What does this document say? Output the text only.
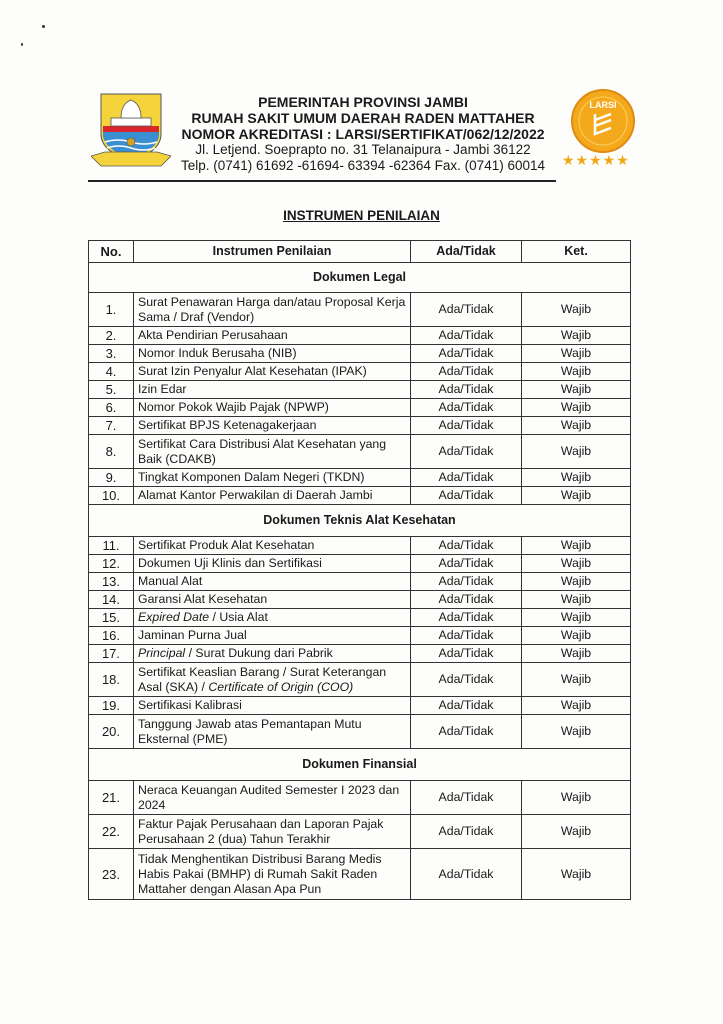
PEMERINTAH PROVINSI JAMBI
RUMAH SAKIT UMUM DAERAH RADEN MATTAHER
NOMOR AKREDITASI : LARSI/SERTIFIKAT/062/12/2022
Jl. Letjend. Soeprapto no. 31 Telanaipura - Jambi 36122
Telp. (0741) 61692 -61694- 63394 -62364 Fax. (0741) 60014
LARSI
★★★★★
INSTRUMEN PENILAIAN
No.	Instrumen Penilaian	Ada/Tidak	Ket.
Dokumen Legal			
1.	Surat Penawaran Harga dan/atau Proposal Kerja Sama / Draf (Vendor)	Ada/Tidak	Wajib
2.	Akta Pendirian Perusahaan	Ada/Tidak	Wajib
3.	Nomor Induk Berusaha (NIB)	Ada/Tidak	Wajib
4.	Surat Izin Penyalur Alat Kesehatan (IPAK)	Ada/Tidak	Wajib
5.	Izin Edar	Ada/Tidak	Wajib
6.	Nomor Pokok Wajib Pajak (NPWP)	Ada/Tidak	Wajib
7.	Sertifikat BPJS Ketenagakerjaan	Ada/Tidak	Wajib
8.	Sertifikat Cara Distribusi Alat Kesehatan yang Baik (CDAKB)	Ada/Tidak	Wajib
9.	Tingkat Komponen Dalam Negeri (TKDN)	Ada/Tidak	Wajib
10.	Alamat Kantor Perwakilan di Daerah Jambi	Ada/Tidak	Wajib
Dokumen Teknis Alat Kesehatan			
11.	Sertifikat Produk Alat Kesehatan	Ada/Tidak	Wajib
12.	Dokumen Uji Klinis dan Sertifikasi	Ada/Tidak	Wajib
13.	Manual Alat	Ada/Tidak	Wajib
14.	Garansi Alat Kesehatan	Ada/Tidak	Wajib
15.	Expired Date / Usia Alat	Ada/Tidak	Wajib
16.	Jaminan Purna Jual	Ada/Tidak	Wajib
17.	Principal / Surat Dukung dari Pabrik	Ada/Tidak	Wajib
18.	Sertifikat Keaslian Barang / Surat Keterangan Asal (SKA) / Certificate of Origin (COO)	Ada/Tidak	Wajib
19.	Sertifikasi Kalibrasi	Ada/Tidak	Wajib
20.	Tanggung Jawab atas Pemantapan Mutu Eksternal (PME)	Ada/Tidak	Wajib
Dokumen Finansial			
21.	Neraca Keuangan Audited Semester I 2023 dan 2024	Ada/Tidak	Wajib
22.	Faktur Pajak Perusahaan dan Laporan Pajak Perusahaan 2 (dua) Tahun Terakhir	Ada/Tidak	Wajib
23.	Tidak Menghentikan Distribusi Barang Medis Habis Pakai (BMHP) di Rumah Sakit Raden Mattaher dengan Alasan Apa Pun	Ada/Tidak	Wajib
